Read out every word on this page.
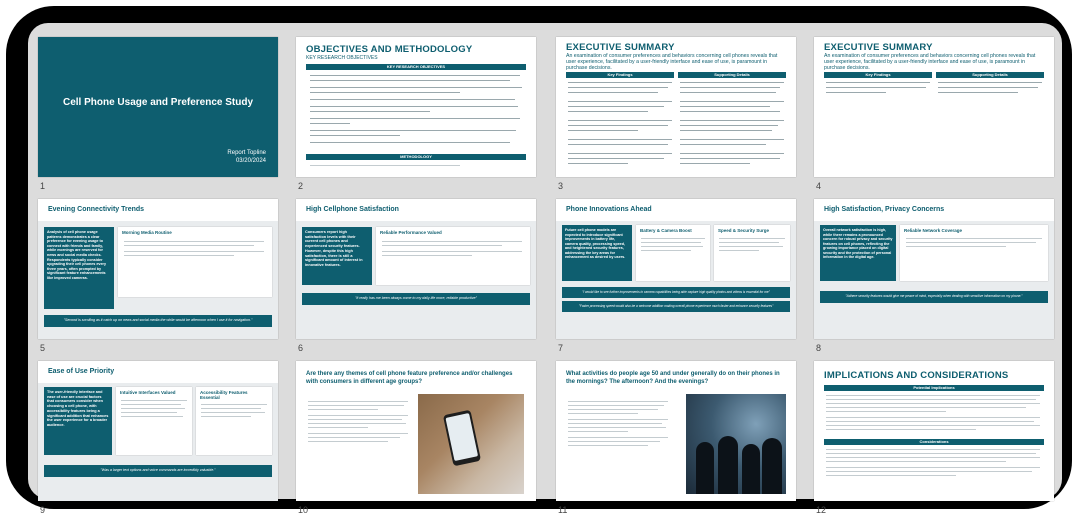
Cell Phone Usage and Preference Study
Report Topline
03/20/2024
1
OBJECTIVES AND METHODOLOGY
KEY RESEARCH OBJECTIVES
KEY RESEARCH OBJECTIVES
METHODOLOGY
2
EXECUTIVE SUMMARY
An examination of consumer preferences and behaviors concerning cell phones reveals that user experience, facilitated by a user-friendly interface and ease of use, is paramount in purchase decisions.
Key Findings	Supporting Details
3
EXECUTIVE SUMMARY
An examination of consumer preferences and behaviors concerning cell phones reveals that user experience, facilitated by a user-friendly interface and ease of use, is paramount in purchase decisions.
Key Findings	Supporting Details
4
Evening Connectivity Trends
Analysis of cell phone usage patterns demonstrates a clear preference for evening usage to connect with friends and family, while mornings are reserved for news and social media checks. Respondents typically consider upgrading their cell phones every three years, often prompted by significant feature enhancements like improved cameras.
Morning Media Routine
"Second is scrolling as it catch up on news and social media the while would be afternoon when I use it for navigation."
5
High Cellphone Satisfaction
Consumers report high satisfaction levels with their current cell phones and experienced security features. However, despite this high satisfaction, there is still a significant amount of interest in innovative features.
Reliable Performance Valued
"It really has me been always come to my daily life more, reliable productive"
6
Phone Innovations Ahead
Future cell phone models are expected to introduce significant improvements in battery life, camera quality, processing speed, and heightened security features, addressing the key areas for enhancement as desired by users.
Battery & Camera Boost	Speed & Security Surge
"I would like to see further improvements in camera capabilities being able capture high quality photos and videos is essential for me"
"Faster processing speed would also be a welcome addition making overall phone experience much faster and enhance security features"
7
High Satisfaction, Privacy Concerns
Overall network satisfaction is high, while there remains a pronounced concern for robust privacy and security features on cell phones, reflecting the growing importance placed on digital security and the protection of personal information in the digital age.
Reliable Network Coverage
"Adhere security features would give me peace of mind, especially when dealing with sensitive information on my phone."
8
Ease of Use Priority
The user-friendly interface and ease of use are crucial factors that consumers consider when choosing a cell phone, with accessibility features being a significant addition that enhances the user experience for a broader audience.
Intuitive Interfaces Valued	Accessibility Features Essential
"Was a larger text options and voice commands are incredibly valuable."
9
Are there any themes of cell phone feature preference and/or challenges with consumers in different age groups?
10
What activities do people age 50 and under generally do on their phones in the mornings? The afternoon? And the evenings?
11
IMPLICATIONS AND CONSIDERATIONS
Potential Implications
Considerations
12
